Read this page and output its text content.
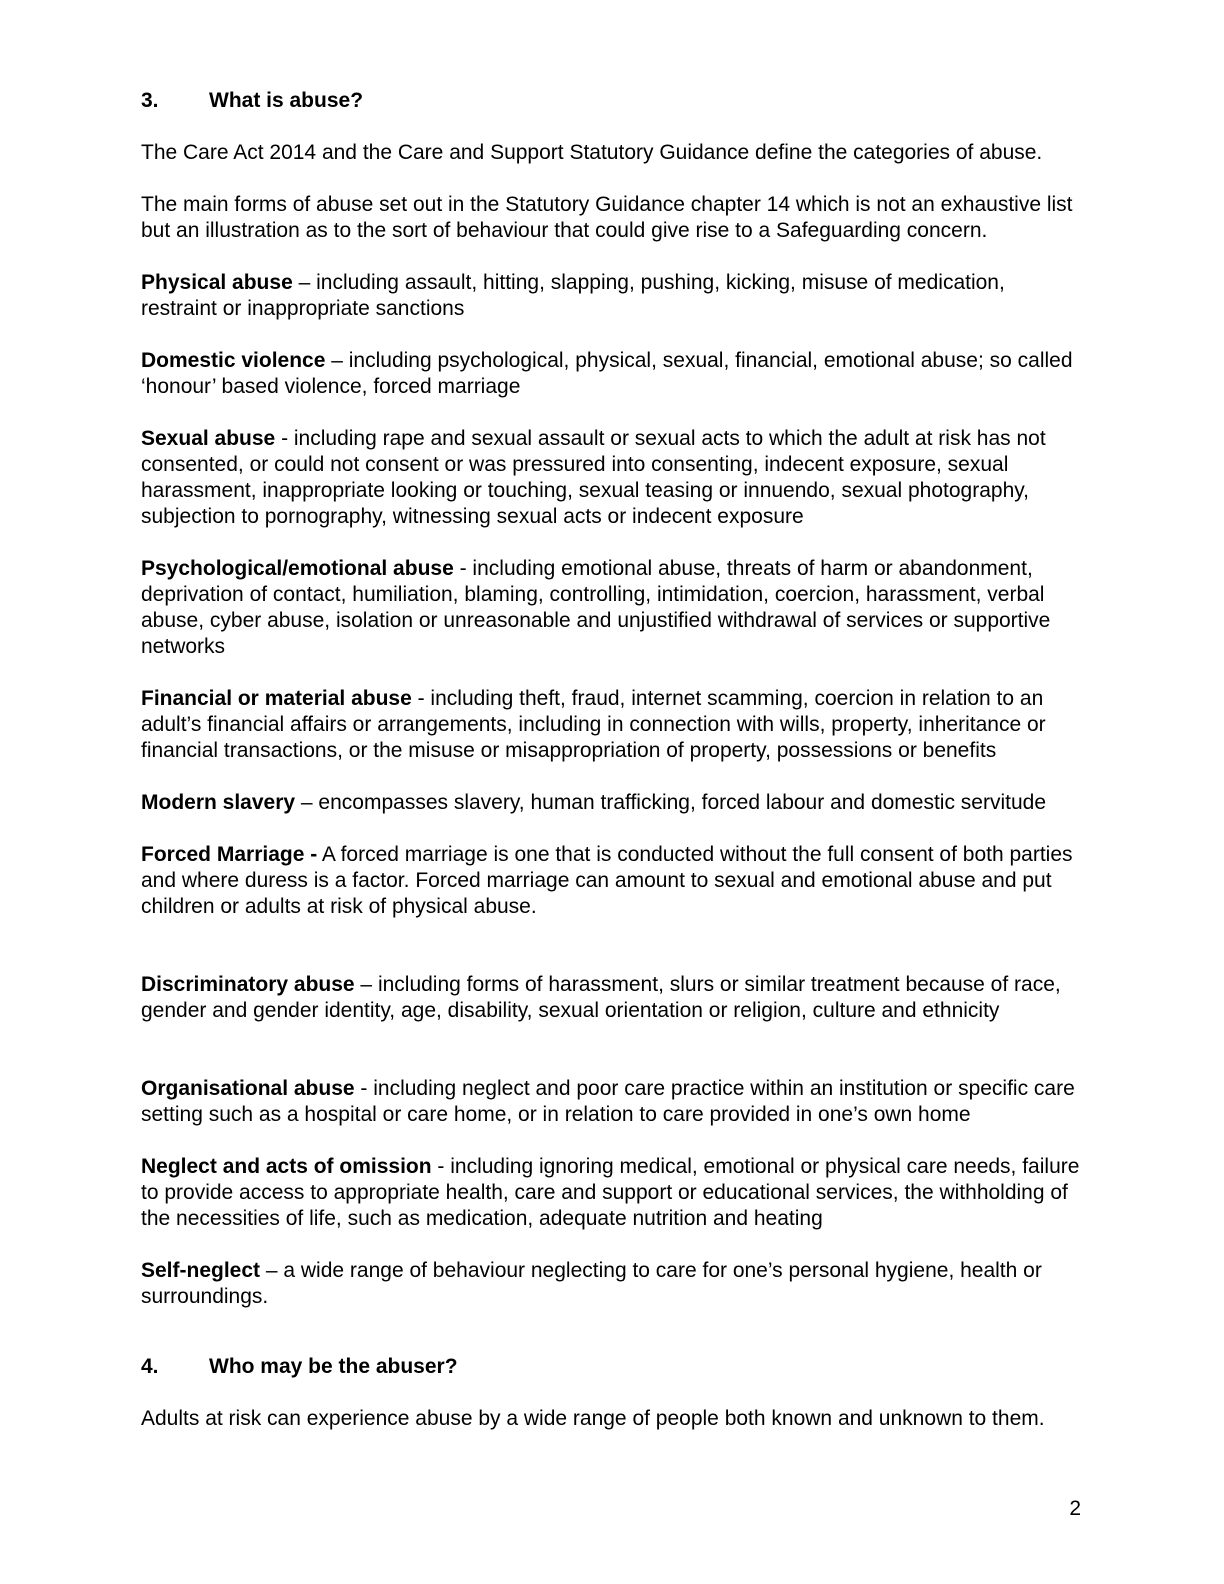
3. What is abuse?

The Care Act 2014 and the Care and Support Statutory Guidance define the categories of abuse.

The main forms of abuse set out in the Statutory Guidance chapter 14 which is not an exhaustive list but an illustration as to the sort of behaviour that could give rise to a Safeguarding concern.

Physical abuse – including assault, hitting, slapping, pushing, kicking, misuse of medication, restraint or inappropriate sanctions

Domestic violence – including psychological, physical, sexual, financial, emotional abuse; so called ‘honour’ based violence, forced marriage

Sexual abuse - including rape and sexual assault or sexual acts to which the adult at risk has not consented, or could not consent or was pressured into consenting, indecent exposure, sexual harassment, inappropriate looking or touching, sexual teasing or innuendo, sexual photography, subjection to pornography, witnessing sexual acts or indecent exposure

Psychological/emotional abuse - including emotional abuse, threats of harm or abandonment, deprivation of contact, humiliation, blaming, controlling, intimidation, coercion, harassment, verbal abuse, cyber abuse, isolation or unreasonable and unjustified withdrawal of services or supportive networks

Financial or material abuse - including theft, fraud, internet scamming, coercion in relation to an adult’s financial affairs or arrangements, including in connection with wills, property, inheritance or financial transactions, or the misuse or misappropriation of property, possessions or benefits

Modern slavery – encompasses slavery, human trafficking, forced labour and domestic servitude

Forced Marriage - A forced marriage is one that is conducted without the full consent of both parties and where duress is a factor. Forced marriage can amount to sexual and emotional abuse and put children or adults at risk of physical abuse.

Discriminatory abuse – including forms of harassment, slurs or similar treatment because of race, gender and gender identity, age, disability, sexual orientation or religion, culture and ethnicity

Organisational abuse - including neglect and poor care practice within an institution or specific care setting such as a hospital or care home, or in relation to care provided in one’s own home

Neglect and acts of omission - including ignoring medical, emotional or physical care needs, failure to provide access to appropriate health, care and support or educational services, the withholding of the necessities of life, such as medication, adequate nutrition and heating

Self-neglect – a wide range of behaviour neglecting to care for one’s personal hygiene, health or surroundings.

4. Who may be the abuser?

Adults at risk can experience abuse by a wide range of people both known and unknown to them.

2
